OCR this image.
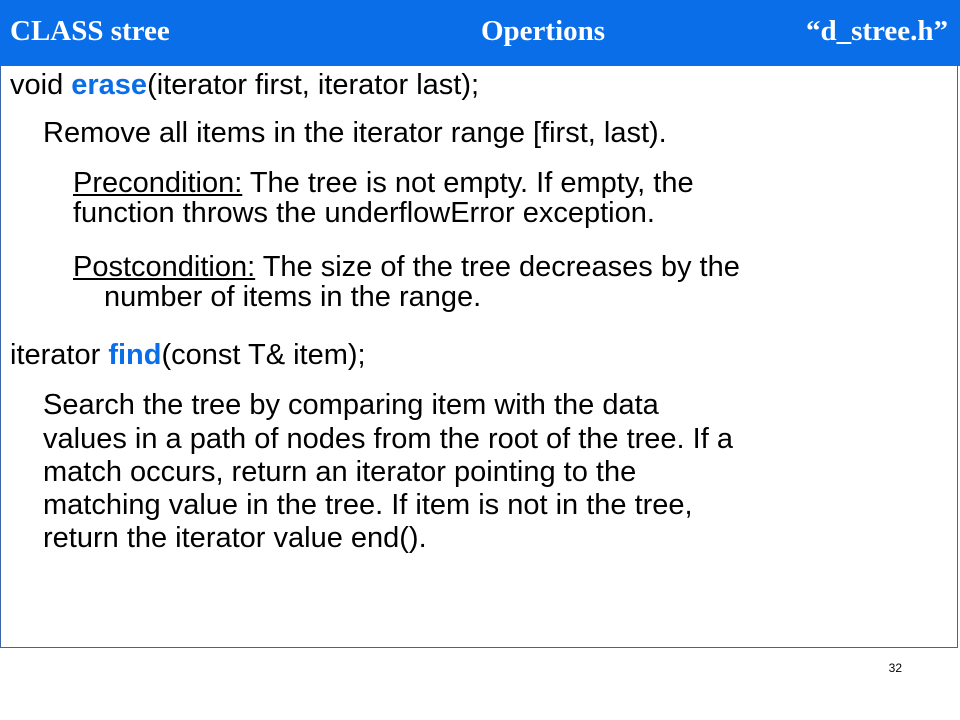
CLASS stree	Opertions	“d_stree.h”
void erase(iterator first, iterator last);
Remove all items in the iterator range [first, last).
Precondition: The tree is not empty. If empty, the
function throws the underflowError exception.
Postcondition: The size of the tree decreases by the
number of items in the range.
iterator find(const T& item);
Search the tree by comparing item with the data
values in a path of nodes from the root of the tree. If a
match occurs, return an iterator pointing to the
matching value in the tree. If item is not in the tree,
return the iterator value end().
32
